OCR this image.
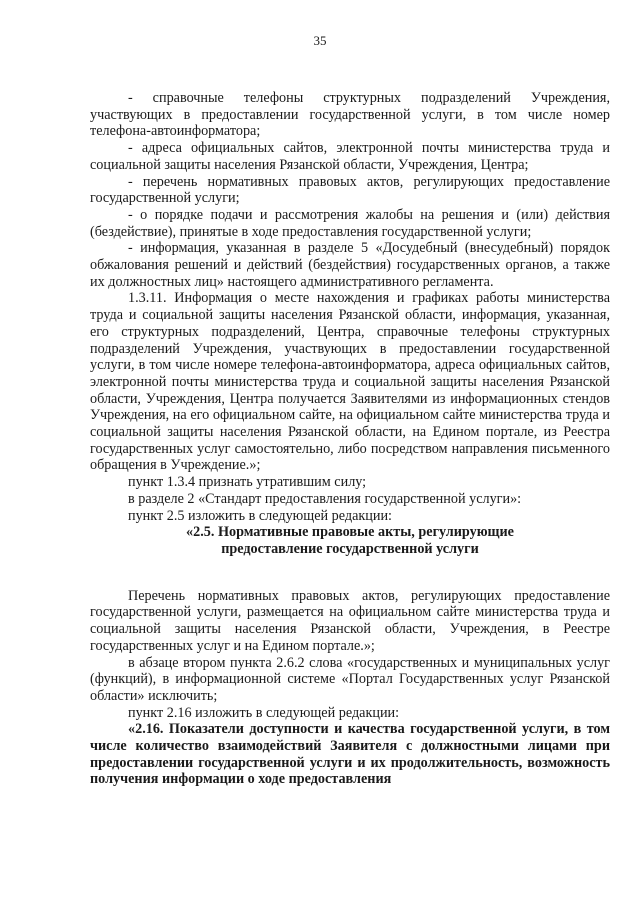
35

- справочные телефоны структурных подразделений Учреждения, участвующих в предоставлении государственной услуги, в том числе номер телефона-автоинформатора;

- адреса официальных сайтов, электронной почты министерства труда и социальной защиты населения Рязанской области, Учреждения, Центра;

- перечень нормативных правовых актов, регулирующих предоставление государственной услуги;

- о порядке подачи и рассмотрения жалобы на решения и (или) действия (бездействие), принятые в ходе предоставления государственной услуги;

- информация, указанная в разделе 5 «Досудебный (внесудебный) порядок обжалования решений и действий (бездействия) государственных органов, а также их должностных лиц» настоящего административного регламента.

1.3.11. Информация о месте нахождения и графиках работы министерства труда и социальной защиты населения Рязанской области, информация, указанная, его структурных подразделений, Центра, справочные телефоны структурных подразделений Учреждения, участвующих в предоставлении государственной услуги, в том числе номере телефона-автоинформатора, адреса официальных сайтов, электронной почты министерства труда и социальной защиты населения Рязанской области, Учреждения, Центра получается Заявителями из информационных стендов Учреждения, на его официальном сайте, на официальном сайте министерства труда и социальной защиты населения Рязанской области, на Едином портале, из Реестра государственных услуг самостоятельно, либо посредством направления письменного обращения в Учреждение.»;

пункт 1.3.4 признать утратившим силу;

в разделе 2 «Стандарт предоставления государственной услуги»:

пункт 2.5 изложить в следующей редакции:

«2.5. Нормативные правовые акты, регулирующие

предоставление государственной услуги

Перечень нормативных правовых актов, регулирующих предоставление государственной услуги, размещается на официальном сайте министерства труда и социальной защиты населения Рязанской области, Учреждения, в Реестре государственных услуг и на Едином портале.»;

в абзаце втором пункта 2.6.2 слова «государственных и муниципальных услуг (функций), в информационной системе «Портал Государственных услуг Рязанской области» исключить;

пункт 2.16 изложить в следующей редакции:

«2.16. Показатели доступности и качества государственной услуги, в том числе количество взаимодействий Заявителя с должностными лицами при предоставлении государственной услуги и их продолжительность, возможность получения информации о ходе предоставления
